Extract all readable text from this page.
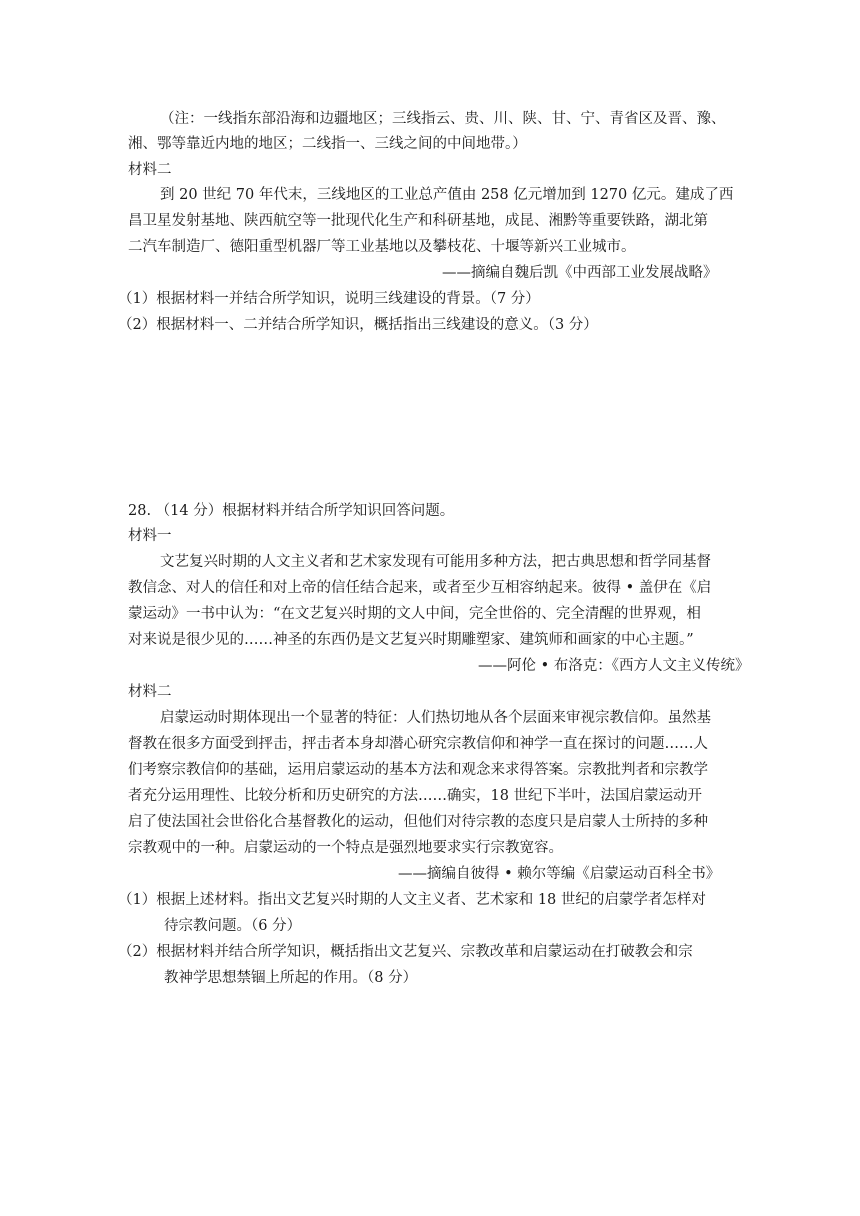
（注：一线指东部沿海和边疆地区；三线指云、贵、川、陕、甘、宁、青省区及晋、豫、
湘、鄂等靠近内地的地区；二线指一、三线之间的中间地带。）
材料二
到 20 世纪 70 年代末，三线地区的工业总产值由 258 亿元增加到 1270 亿元。建成了西
昌卫星发射基地、陕西航空等一批现代化生产和科研基地，成昆、湘黔等重要铁路，湖北第
二汽车制造厂、德阳重型机器厂等工业基地以及攀枝花、十堰等新兴工业城市。
——摘编自魏后凯《中西部工业发展战略》
（1）根据材料一并结合所学知识，说明三线建设的背景。（7 分）
（2）根据材料一、二并结合所学知识，概括指出三线建设的意义。（3 分）
28. （14 分）根据材料并结合所学知识回答问题。
材料一
文艺复兴时期的人文主义者和艺术家发现有可能用多种方法，把古典思想和哲学同基督
教信念、对人的信任和对上帝的信任结合起来，或者至少互相容纳起来。彼得 • 盖伊在《启
蒙运动》一书中认为：“在文艺复兴时期的文人中间，完全世俗的、完全清醒的世界观，相
对来说是很少见的……神圣的东西仍是文艺复兴时期雕塑家、建筑师和画家的中心主题。”
——阿伦 • 布洛克：《西方人文主义传统》
材料二
启蒙运动时期体现出一个显著的特征：人们热切地从各个层面来审视宗教信仰。虽然基
督教在很多方面受到抨击，抨击者本身却潜心研究宗教信仰和神学一直在探讨的问题……人
们考察宗教信仰的基础，运用启蒙运动的基本方法和观念来求得答案。宗教批判者和宗教学
者充分运用理性、比较分析和历史研究的方法……确实，18 世纪下半叶，法国启蒙运动开
启了使法国社会世俗化合基督教化的运动，但他们对待宗教的态度只是启蒙人士所持的多种
宗教观中的一种。启蒙运动的一个特点是强烈地要求实行宗教宽容。
——摘编自彼得 • 赖尔等编《启蒙运动百科全书》
（1）根据上述材料。指出文艺复兴时期的人文主义者、艺术家和 18 世纪的启蒙学者怎样对
待宗教问题。（6 分）
（2）根据材料并结合所学知识，概括指出文艺复兴、宗教改革和启蒙运动在打破教会和宗
教神学思想禁锢上所起的作用。（8 分）
